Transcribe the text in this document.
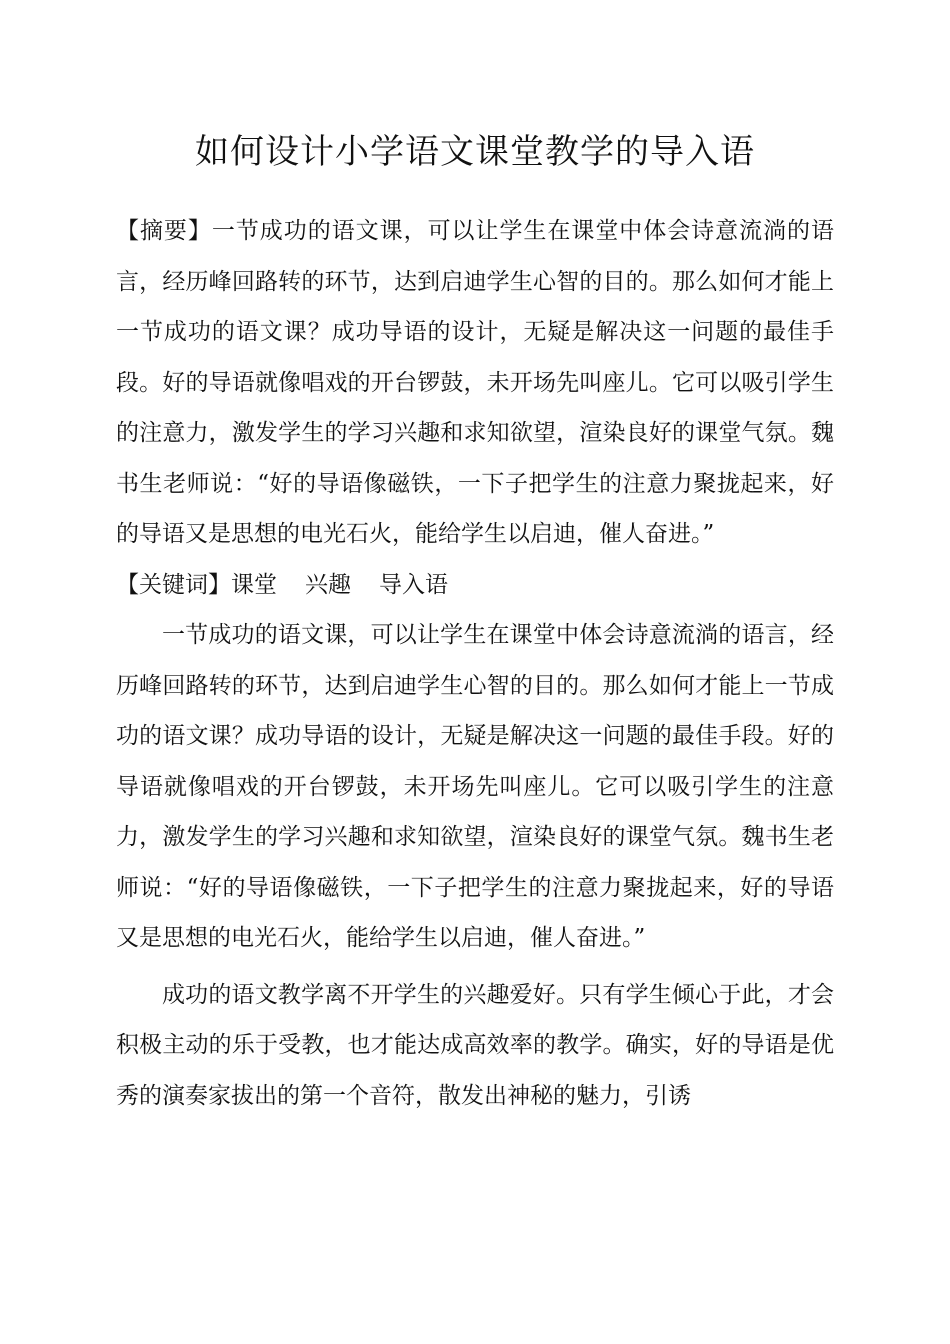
如何设计小学语文课堂教学的导入语

【摘要】一节成功的语文课，可以让学生在课堂中体会诗意流淌的语言，经历峰回路转的环节，达到启迪学生心智的目的。那么如何才能上一节成功的语文课？成功导语的设计，无疑是解决这一问题的最佳手段。好的导语就像唱戏的开台锣鼓，未开场先叫座儿。它可以吸引学生的注意力，激发学生的学习兴趣和求知欲望，渲染良好的课堂气氛。魏书生老师说：“好的导语像磁铁，一下子把学生的注意力聚拢起来，好的导语又是思想的电光石火，能给学生以启迪，催人奋进。”

【关键词】课堂 兴趣 导入语

一节成功的语文课，可以让学生在课堂中体会诗意流淌的语言，经历峰回路转的环节，达到启迪学生心智的目的。那么如何才能上一节成功的语文课？成功导语的设计，无疑是解决这一问题的最佳手段。好的导语就像唱戏的开台锣鼓，未开场先叫座儿。它可以吸引学生的注意力，激发学生的学习兴趣和求知欲望，渲染良好的课堂气氛。魏书生老师说：“好的导语像磁铁，一下子把学生的注意力聚拢起来，好的导语又是思想的电光石火，能给学生以启迪，催人奋进。”

成功的语文教学离不开学生的兴趣爱好。只有学生倾心于此，才会积极主动的乐于受教，也才能达成高效率的教学。确实，好的导语是优秀的演奏家拔出的第一个音符，散发出神秘的魅力，引诱
